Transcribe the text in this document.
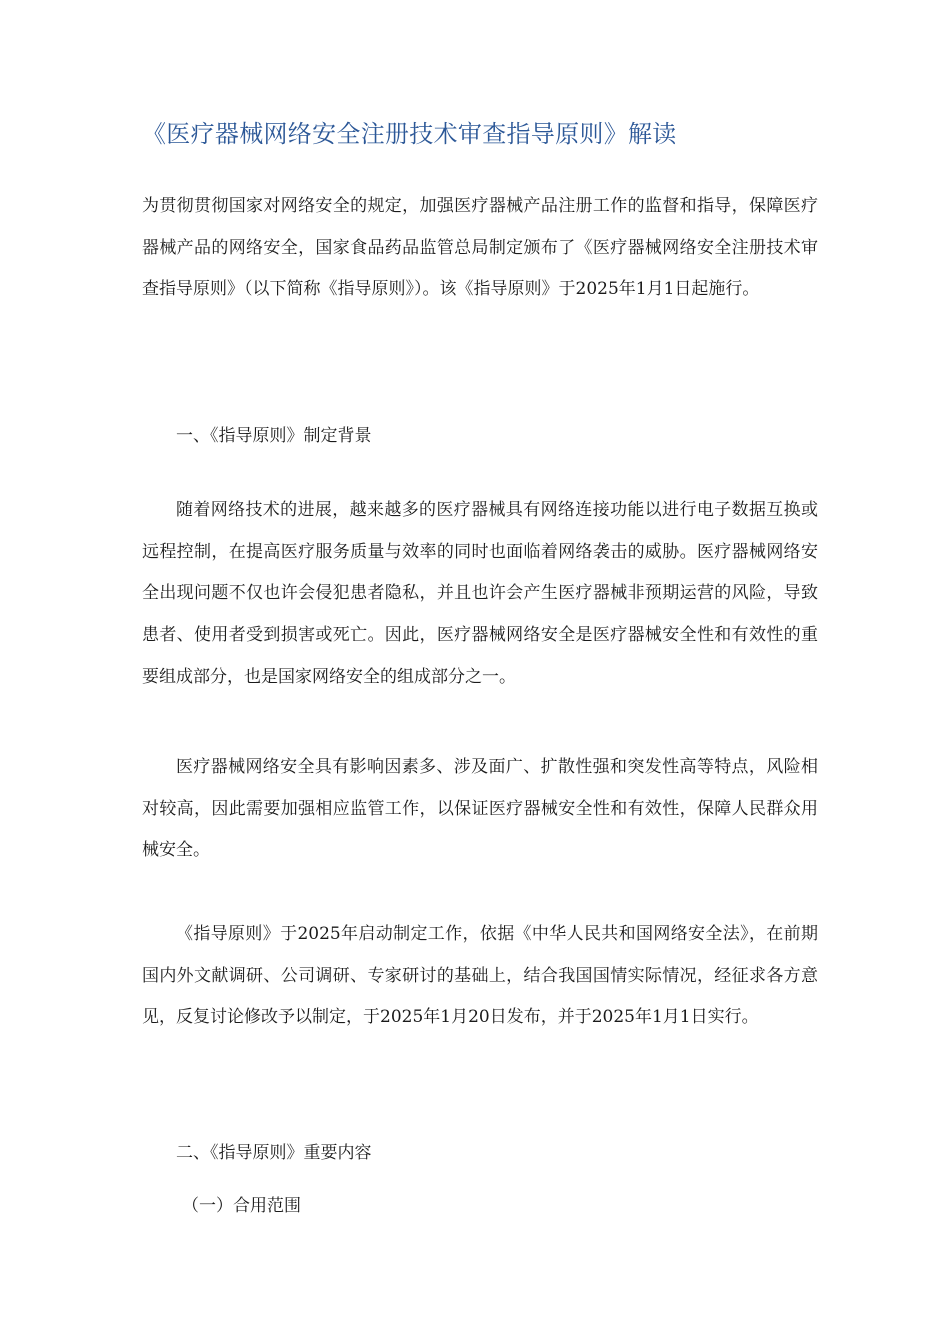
《医疗器械网络安全注册技术审查指导原则》解读

为贯彻贯彻国家对网络安全的规定，加强医疗器械产品注册工作的监督和指导，保障医疗器械产品的网络安全，国家食品药品监管总局制定颁布了《医疗器械网络安全注册技术审查指导原则》（以下简称《指导原则》）。该《指导原则》于2025年1月1日起施行。

一、《指导原则》制定背景

随着网络技术的进展，越来越多的医疗器械具有网络连接功能以进行电子数据互换或远程控制，在提高医疗服务质量与效率的同时也面临着网络袭击的威胁。医疗器械网络安全出现问题不仅也许会侵犯患者隐私，并且也许会产生医疗器械非预期运营的风险，导致患者、使用者受到损害或死亡。因此，医疗器械网络安全是医疗器械安全性和有效性的重要组成部分，也是国家网络安全的组成部分之一。

医疗器械网络安全具有影响因素多、涉及面广、扩散性强和突发性高等特点，风险相对较高，因此需要加强相应监管工作，以保证医疗器械安全性和有效性，保障人民群众用械安全。

《指导原则》于2025年启动制定工作，依据《中华人民共和国网络安全法》，在前期国内外文献调研、公司调研、专家研讨的基础上，结合我国国情实际情况，经征求各方意见，反复讨论修改予以制定，于2025年1月20日发布，并于2025年1月1日实行。

二、《指导原则》重要内容

（一）合用范围
